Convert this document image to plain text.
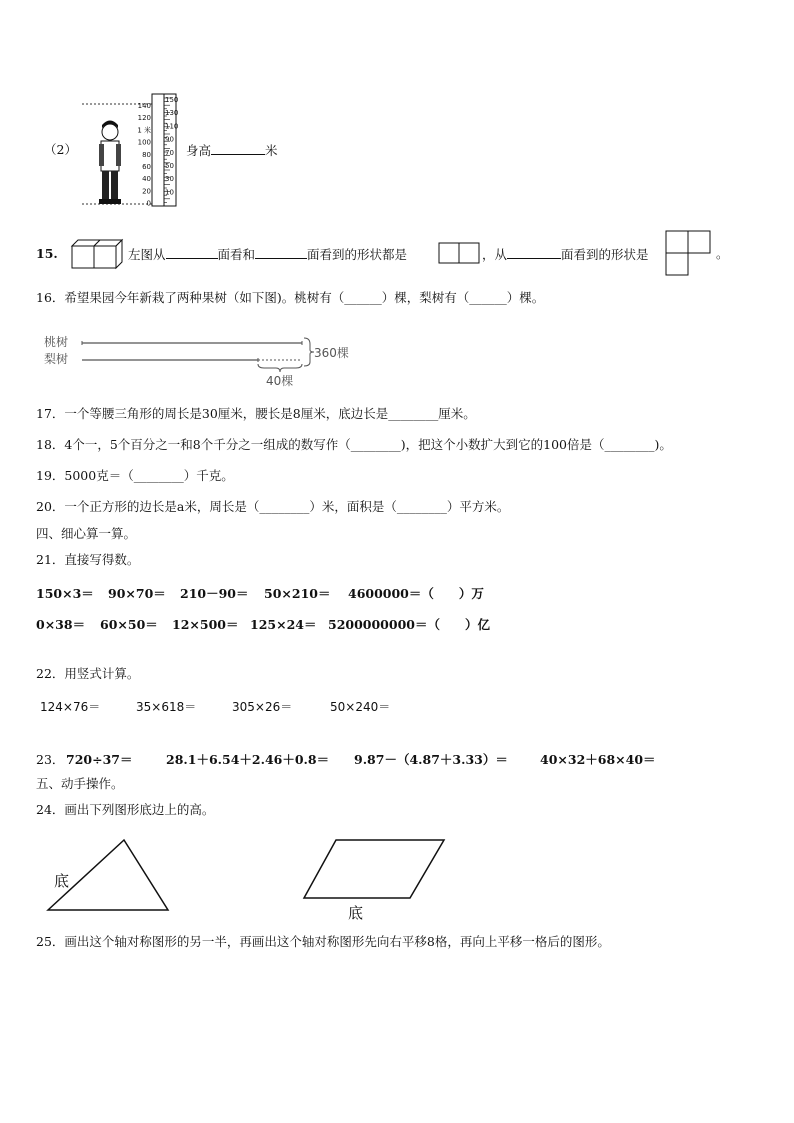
（2）
140
120
1 米
100
80
60
40
20
0
150
130
110
90
70
50
30
10
身高	米
15.	左图从	面看和	面看到的形状都是	，从	面看到的形状是	。
16．希望果园今年新栽了两种果树（如下图)。桃树有（______）棵，梨树有（______）棵。
桃树
梨树	360棵
40棵
17．一个等腰三角形的周长是30厘米，腰长是8厘米，底边长是________厘米。
18．4个一，5个百分之一和8个千分之一组成的数写作（________)，把这个小数扩大到它的100倍是（________)。
19．5000克＝（________）千克。
20．一个正方形的边长是a米，周长是（________）米，面积是（________）平方米。
四、细心算一算。
21．直接写得数。
150×3＝ 90×70＝ 210－90＝ 50×210＝ 4600000＝（　　）万
0×38＝ 60×50＝ 12×500＝ 125×24＝ 5200000000＝（　　）亿
22．用竖式计算。
124×76＝	35×618＝	305×26＝	50×240＝
23． 720÷37＝	28.1＋6.54＋2.46＋0.8＝ 9.87－（4.87＋3.33）＝	40×32＋68×40＝
五、动手操作。
24．画出下列图形底边上的高。
底
底
25．画出这个轴对称图形的另一半，再画出这个轴对称图形先向右平移8格，再向上平移一格后的图形。
